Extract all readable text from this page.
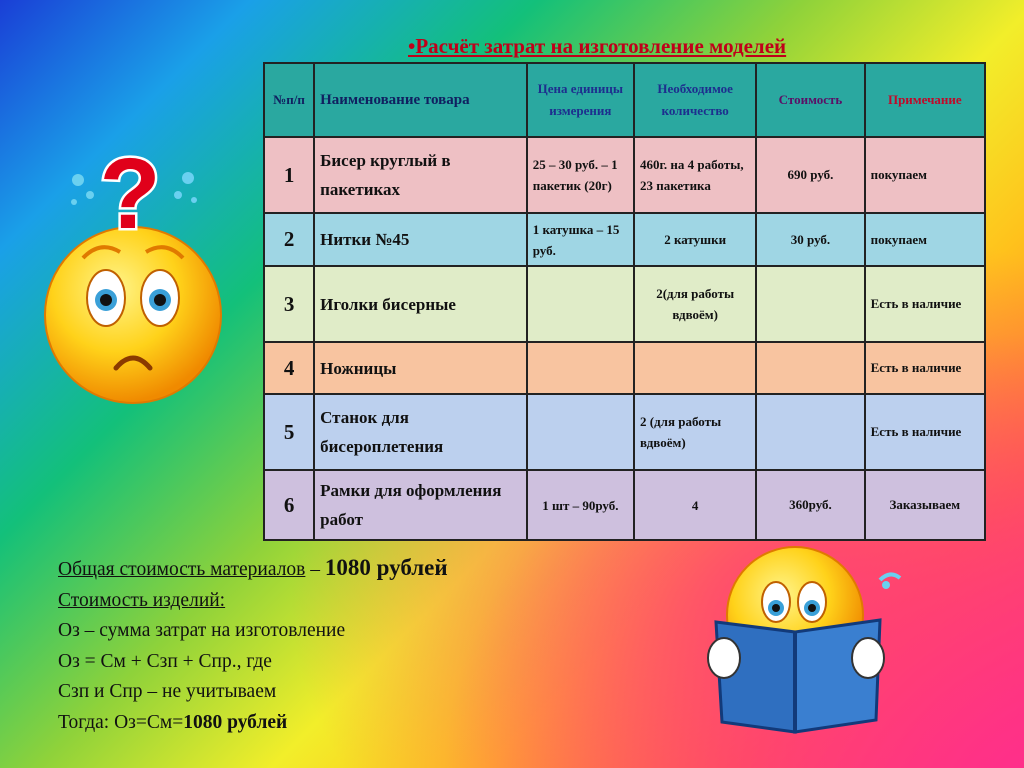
•Расчёт затрат на изготовление моделей
?
№п/п	Наименование товара	Цена единицы измерения	Необходимое количество	Стоимость	Примечание
1	Бисер круглый в пакетиках	25 – 30 руб. – 1 пакетик (20г)	460г. на 4 работы, 23 пакетика	690 руб.	покупаем
2	Нитки №45	1 катушка – 15 руб.	2 катушки	30 руб.	покупаем
3	Иголки бисерные		2(для работы вдвоём)		Есть в наличие
4	Ножницы				Есть в наличие
5	Станок для бисероплетения		2 (для работы вдвоём)		Есть в наличие
6	Рамки для оформления работ	1 шт – 90руб.	4	360руб.	Заказываем
Общая стоимость материалов – 1080 рублей
Стоимость изделий:
Оз – сумма затрат на изготовление
Оз = См + Сзп + Спр., где
Сзп и Спр – не учитываем
Тогда: Оз=См=1080 рублей
